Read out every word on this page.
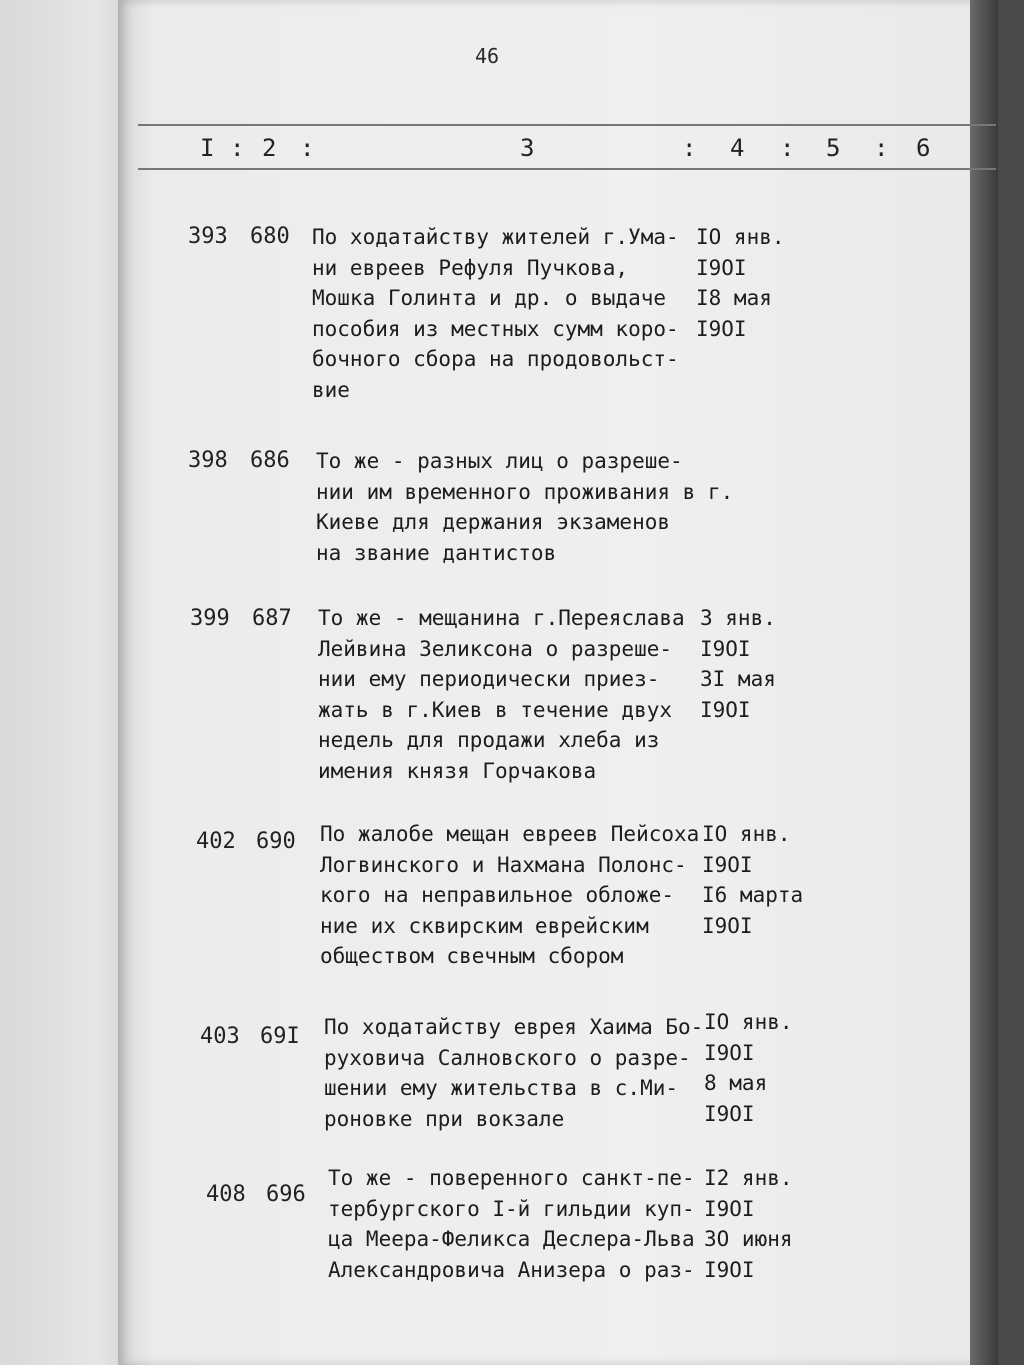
46
I : 2 :	3	: 4 : 5 : 6
393 680 По ходатайству жителей г.Ума-
ни евреев Рефуля Пучкова,
Мошка Голинта и др. о выдаче
пособия из местных сумм коро-
бочного сбора на продовольст-
вие
IО янв.
I9OI
I8 мая
I9OI
398 686 То же - разных лиц о разреше-
нии им временного проживания в г.
Киеве для держания экзаменов
на звание дантистов
399 687 То же - мещанина г.Переяслава
Лейвина Зеликсона о разреше-
нии ему периодически приез-
жать в г.Киев в течение двух
недель для продажи хлеба из
имения князя Горчакова
3 янв.
I9OI
3I мая
I9OI
402 690 По жалобе мещан евреев Пейсоха
Логвинского и Нахмана Полонс-
кого на неправильное обложе-
ние их сквирским еврейским
обществом свечным сбором
IО янв.
I9OI
I6 марта
I9OI
403 69I По ходатайству еврея Хаима Бо-
руховича Салновского о разре-
шении ему жительства в с.Ми-
роновке при вокзале
IО янв.
I9OI
8 мая
I9OI
408 696
То же - поверенного санкт-пе-
тербургского I-й гильдии куп-
ца Меера-Феликса Деслера-Льва
Александровича Анизера о раз-
I2 янв.
I9OI
3О июня
I9OI
